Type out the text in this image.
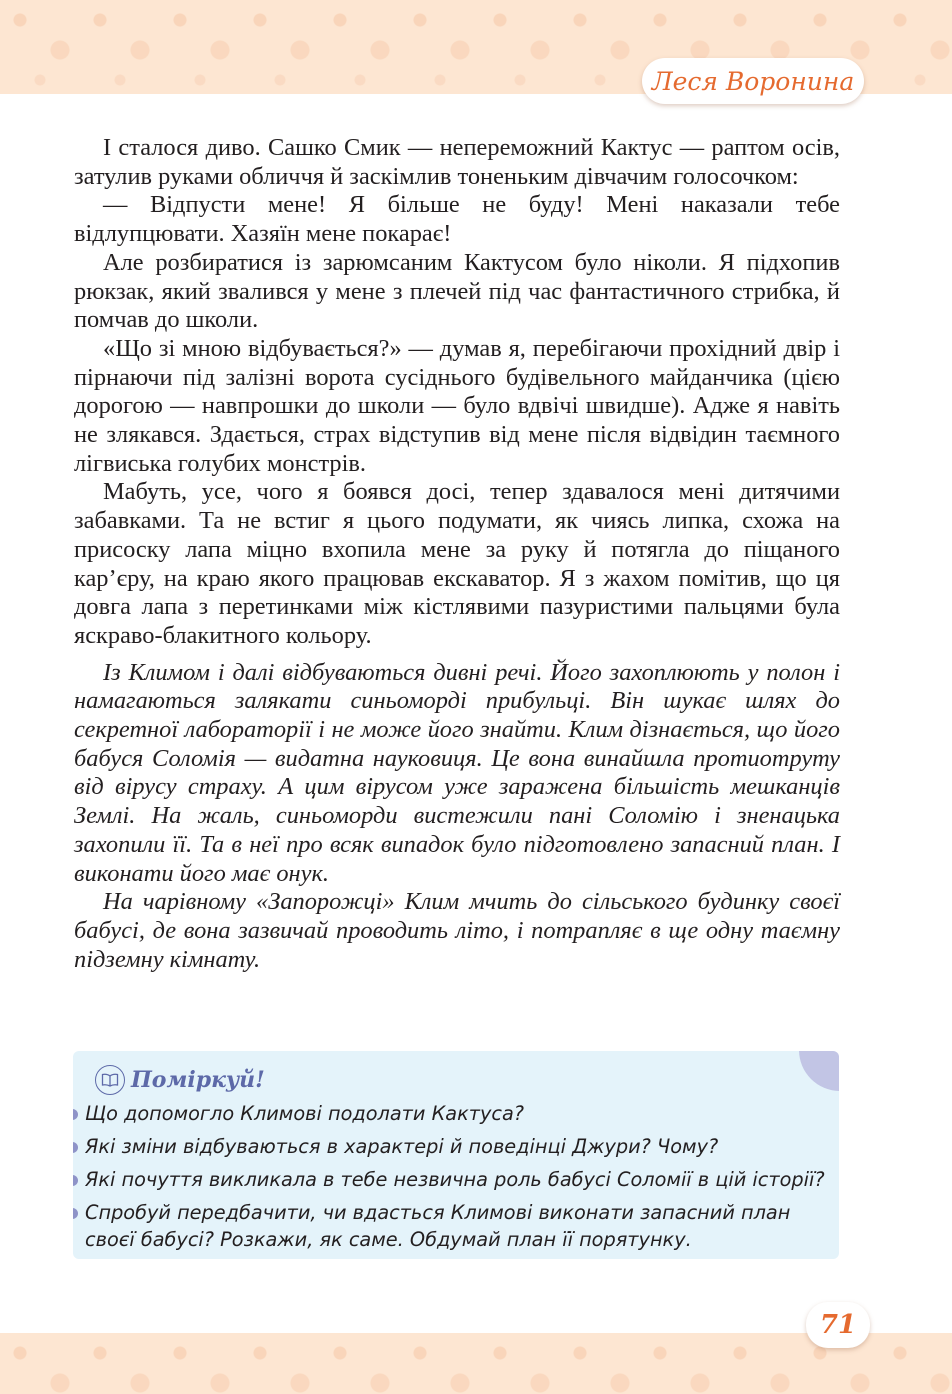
Леся Воронина

І сталося диво. Сашко Смик — непереможний Кактус — раптом осів, затулив руками обличчя й заскімлив тоненьким дівчачим голосочком:

— Відпусти мене! Я більше не буду! Мені наказали тебе відлупцювати. Хазяїн мене покарає!

Але розбиратися із зарюмсаним Кактусом було ніколи. Я підхопив рюкзак, який звалився у мене з плечей під час фантастичного стрибка, й помчав до школи.

«Що зі мною відбувається?» — думав я, перебігаючи прохідний двір і пірнаючи під залізні ворота сусіднього будівельного майданчика (цією дорогою — навпрошки до школи — було вдвічі швидше). Адже я навіть не злякався. Здається, страх відступив від мене після відвідин таємного лігвиська голубих монстрів.

Мабуть, усе, чого я боявся досі, тепер здавалося мені дитячими забавками. Та не встиг я цього подумати, як чиясь липка, схожа на присоску лапа міцно вхопила мене за руку й потягла до піщаного кар’єру, на краю якого працював екскаватор. Я з жахом помітив, що ця довга лапа з перетинками між кістлявими пазуристими пальцями була яскраво-блакитного кольору.

Із Климом і далі відбуваються дивні речі. Його захоплюють у полон і намагаються залякати синьоморді прибульці. Він шукає шлях до секретної лабораторії і не може його знайти. Клим дізнається, що його бабуся Соломія — видатна науковиця. Це вона винайшла протиотруту від вірусу страху. А цим вірусом уже заражена більшість мешканців Землі. На жаль, синьоморди вистежили пані Соломію і зненацька захопили її. Та в неї про всяк випадок було підготовлено запасний план. І виконати його має онук.

На чарівному «Запорожці» Клим мчить до сільського будинку своєї бабусі, де вона зазвичай проводить літо, і потрапляє в ще одну таємну підземну кімнату.

Поміркуй!
Що допомогло Климові подолати Кактуса?
Які зміни відбуваються в характері й поведінці Джури? Чому?
Які почуття викликала в тебе незвична роль бабусі Соломії в цій історії?
Спробуй передбачити, чи вдасться Климові виконати запасний план своєї бабусі? Розкажи, як саме. Обдумай план її порятунку.
71
